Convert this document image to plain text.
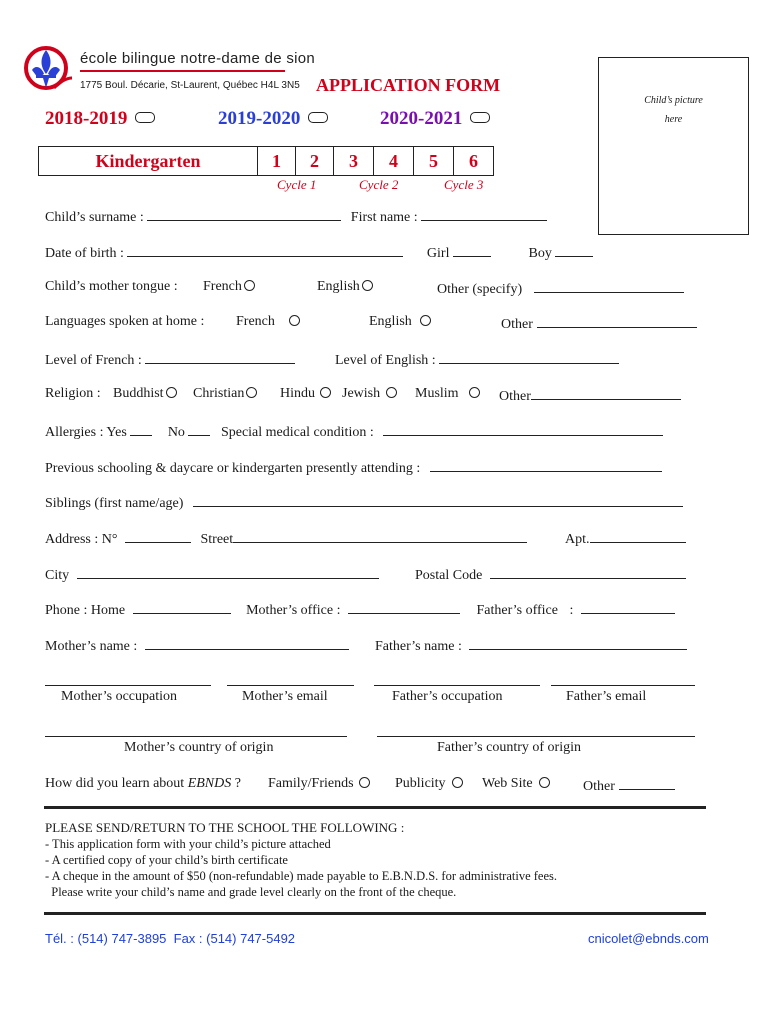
école bilingue notre-dame de sion
1775 Boul. Décarie, St-Laurent, Québec H4L 3N5 APPLICATION FORM
Child’s picture
here
2018-2019	2019-2020	2020-2021
Kindergarten	1	2	3	4	5	6
Cycle 1	Cycle 2	Cycle 3
Child’s surname :	First name :
Date of birth :	Girl	Boy
Child’s mother tongue : French	English	Other (specify)
Languages spoken at home : French	English	Other
Level of French :	Level of English :
Religion : Buddhist	Christian	Hindu	Jewish	Muslim	Other
Allergies : Yes	No	Special medical condition :
Previous schooling & daycare or kindergarten presently attending :
Siblings (first name/age)
Address : N°	Street	Apt.
City	Postal Code
Phone : Home	Mother’s office :	Father’s office :
Mother’s name :	Father’s name :
Mother’s occupation	Mother’s email	Father’s occupation	Father’s email
Mother’s country of origin	Father’s country of origin
How did you learn about EBNDS ? Family/Friends	Publicity	Web Site	Other
PLEASE SEND/RETURN TO THE SCHOOL THE FOLLOWING :
- This application form with your child’s picture attached
- A certified copy of your child’s birth certificate
- A cheque in the amount of $50 (non-refundable) made payable to E.B.N.D.S. for administrative fees.
Please write your child’s name and grade level clearly on the front of the cheque.
Tél. : (514) 747-3895  Fax : (514) 747-5492	cnicolet@ebnds.com
